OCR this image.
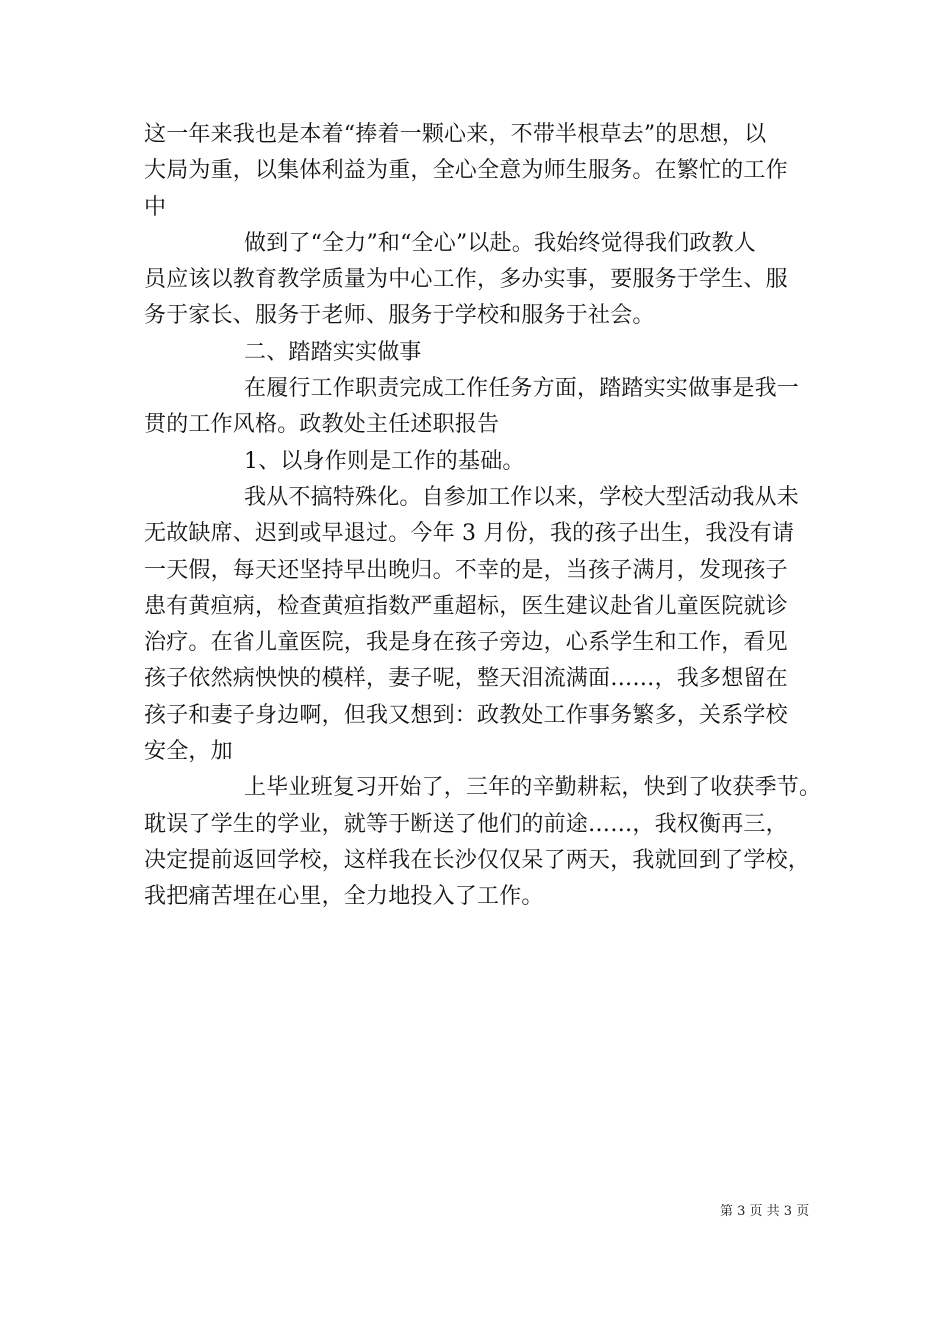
这一年来我也是本着“捧着一颗心来，不带半根草去”的思想，以
大局为重，以集体利益为重，全心全意为师生服务。在繁忙的工作
中
做到了“全力”和“全心”以赴。我始终觉得我们政教人
员应该以教育教学质量为中心工作，多办实事，要服务于学生、服
务于家长、服务于老师、服务于学校和服务于社会。
二、踏踏实实做事
在履行工作职责完成工作任务方面，踏踏实实做事是我一
贯的工作风格。政教处主任述职报告
1、以身作则是工作的基础。
我从不搞特殊化。自参加工作以来，学校大型活动我从未
无故缺席、迟到或早退过。今年 3 月份，我的孩子出生，我没有请
一天假，每天还坚持早出晚归。不幸的是，当孩子满月，发现孩子
患有黄疸病，检查黄疸指数严重超标，医生建议赴省儿童医院就诊
治疗。在省儿童医院，我是身在孩子旁边，心系学生和工作，看见
孩子依然病怏怏的模样，妻子呢，整天泪流满面……，我多想留在
孩子和妻子身边啊，但我又想到：政教处工作事务繁多，关系学校
安全，加
上毕业班复习开始了，三年的辛勤耕耘，快到了收获季节。
耽误了学生的学业，就等于断送了他们的前途……，我权衡再三，
决定提前返回学校，这样我在长沙仅仅呆了两天，我就回到了学校，
我把痛苦埋在心里，全力地投入了工作。
第 3 页 共 3 页
